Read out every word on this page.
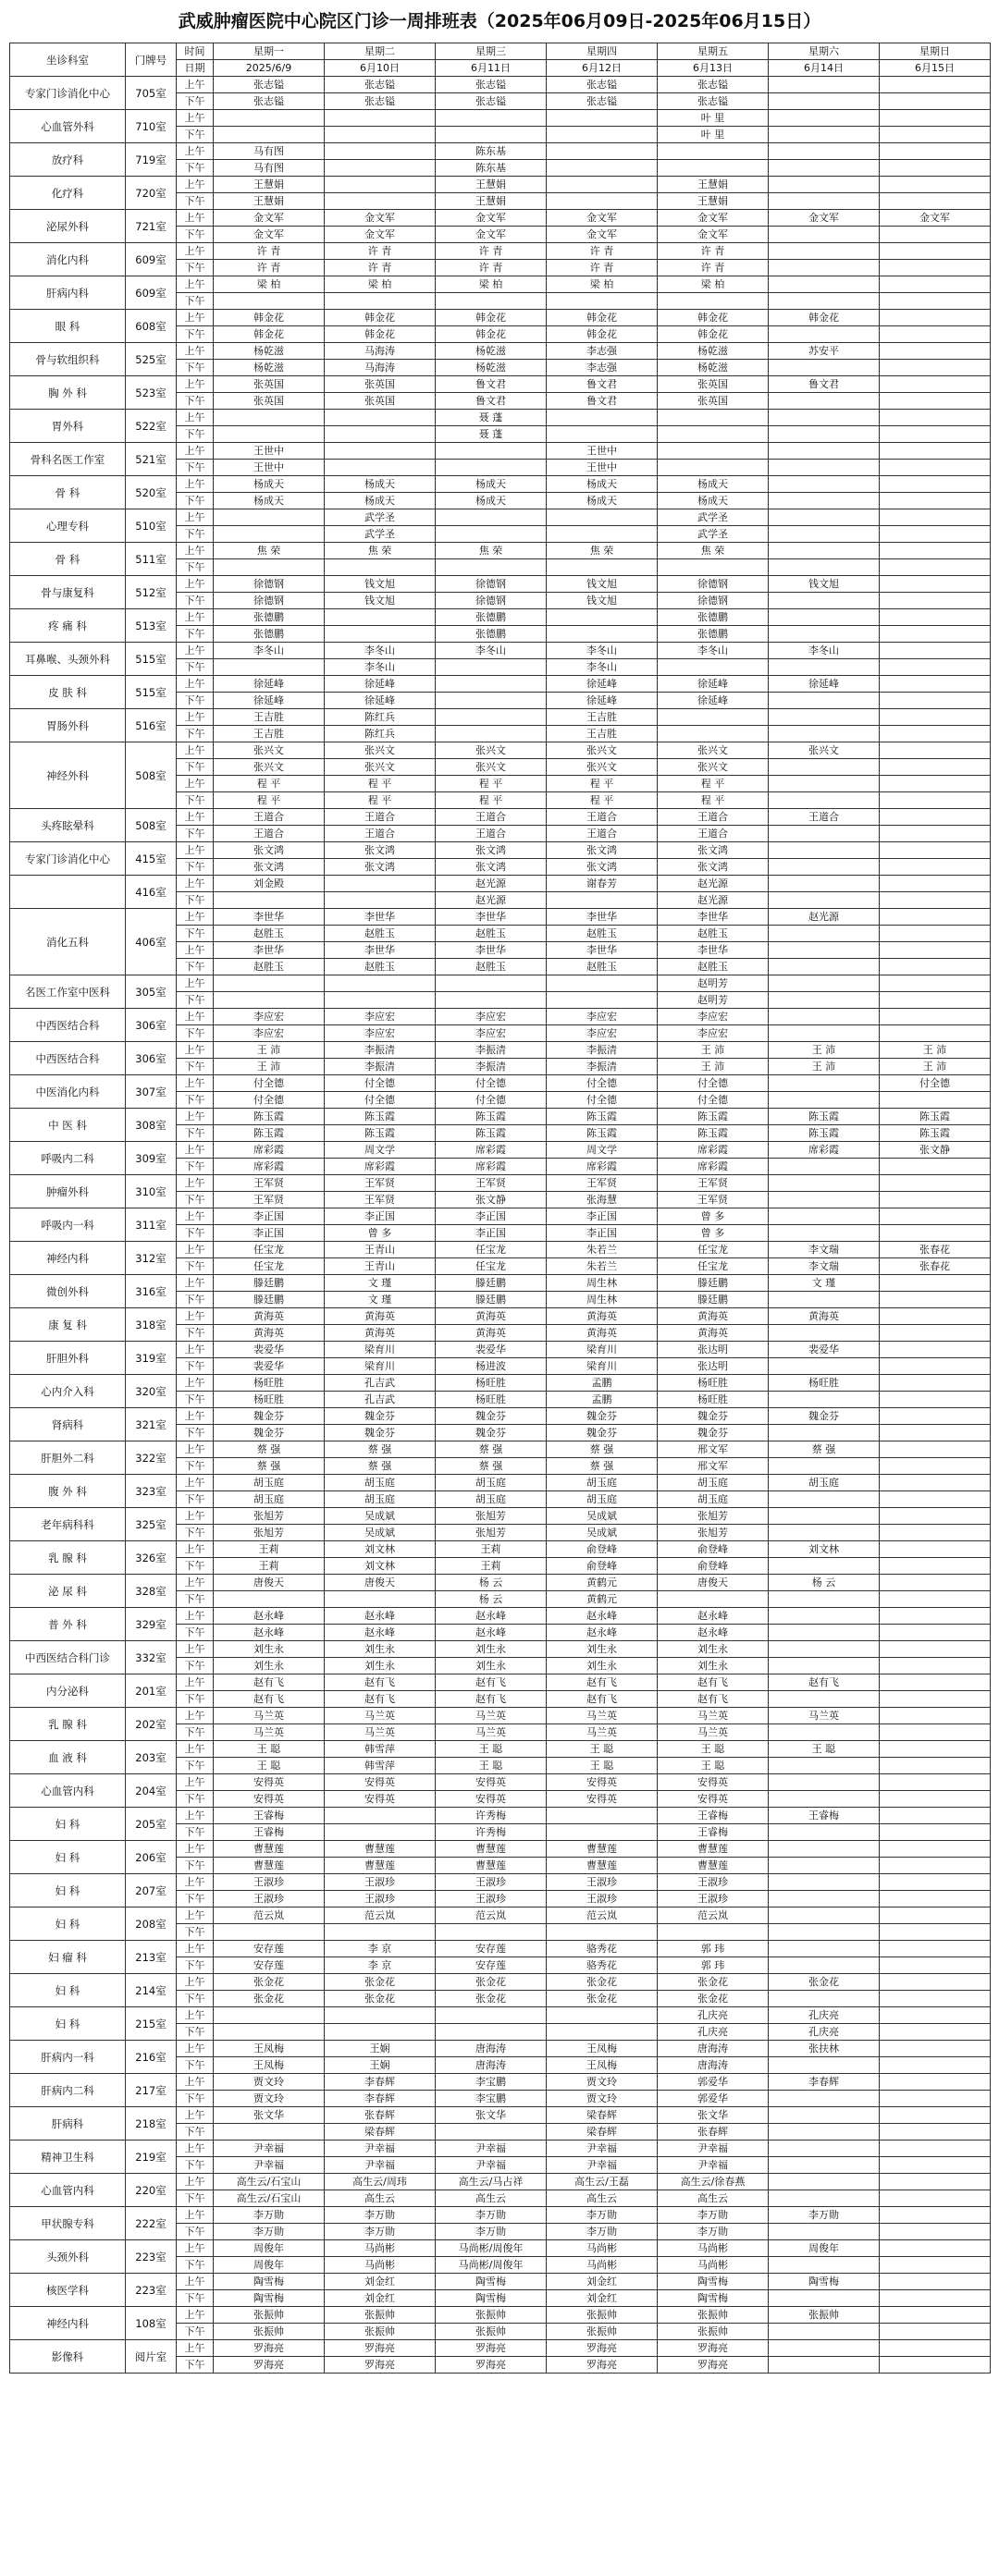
武威肿瘤医院中心院区门诊一周排班表（2025年06月09日-2025年06月15日）
坐诊科室	门牌号	时间	星期一	星期二	星期三	星期四	星期五	星期六	星期日
		日期	2025/6/9	6月10日	6月11日	6月12日	6月13日	6月14日	6月15日
专家门诊消化中心	705室	上午	张志镒	张志镒	张志镒	张志镒	张志镒		
		下午	张志镒	张志镒	张志镒	张志镒	张志镒		
心血管外科	710室	上午					叶 里		
		下午					叶 里		
放疗科	719室	上午	马有图		陈东基				
		下午	马有图		陈东基				
化疗科	720室	上午	王慧娟		王慧娟		王慧娟		
		下午	王慧娟		王慧娟		王慧娟		
泌尿外科	721室	上午	金文军	金文军	金文军	金文军	金文军	金文军	金文军
		下午	金文军	金文军	金文军	金文军	金文军		
消化内科	609室	上午	许 青	许 青	许 青	许 青	许 青		
		下午	许 青	许 青	许 青	许 青	许 青		
肝病内科	609室	上午	梁 柏	梁 柏	梁 柏	梁 柏	梁 柏		
		下午							
眼 科	608室	上午	韩金花	韩金花	韩金花	韩金花	韩金花	韩金花	
		下午	韩金花	韩金花	韩金花	韩金花	韩金花		
骨与软组织科	525室	上午	杨乾滋	马海涛	杨乾滋	李志强	杨乾滋	苏安平	
		下午	杨乾滋	马海涛	杨乾滋	李志强	杨乾滋		
胸 外 科	523室	上午	张英国	张英国	鲁文君	鲁文君	张英国	鲁文君	
		下午	张英国	张英国	鲁文君	鲁文君	张英国		
胃外科	522室	上午			聂 蓬				
		下午			聂 蓬				
骨科名医工作室	521室	上午	王世中			王世中			
		下午	王世中			王世中			
骨 科	520室	上午	杨成天	杨成天	杨成天	杨成天	杨成天		
		下午	杨成天	杨成天	杨成天	杨成天	杨成天		
心理专科	510室	上午		武学圣			武学圣		
		下午		武学圣			武学圣		
骨 科	511室	上午	焦 荣	焦 荣	焦 荣	焦 荣	焦 荣		
		下午							
骨与康复科	512室	上午	徐德钢	钱文旭	徐德钢	钱文旭	徐德钢	钱文旭	
		下午	徐德钢	钱文旭	徐德钢	钱文旭	徐德钢		
疼 痛 科	513室	上午	张德鹏		张德鹏		张德鹏		
		下午	张德鹏		张德鹏		张德鹏		
耳鼻喉、头颈外科	515室	上午	李冬山	李冬山	李冬山	李冬山	李冬山	李冬山	
		下午		李冬山		李冬山			
皮 肤 科	515室	上午	徐延峰	徐延峰		徐延峰	徐延峰	徐延峰	
		下午	徐延峰	徐延峰		徐延峰	徐延峰		
胃肠外科	516室	上午	王吉胜	陈红兵		王吉胜			
		下午	王吉胜	陈红兵		王吉胜			
神经外科	508室	上午	张兴文	张兴文	张兴文	张兴文	张兴文	张兴文	
		下午	张兴文	张兴文	张兴文	张兴文	张兴文		
		上午	程 平	程 平	程 平	程 平	程 平		
		下午	程 平	程 平	程 平	程 平	程 平		
头疼眩晕科	508室	上午	王道合	王道合	王道合	王道合	王道合	王道合	
		下午	王道合	王道合	王道合	王道合	王道合		
专家门诊消化中心	415室	上午	张文鸿	张文鸿	张文鸿	张文鸿	张文鸿		
		下午	张文鸿	张文鸿	张文鸿	张文鸿	张文鸿		
	416室	上午	刘金殿		赵光源	谢春芳	赵光源		
		下午			赵光源		赵光源		
消化五科	406室	上午	李世华	李世华	李世华	李世华	李世华	赵光源	
		下午	赵胜玉	赵胜玉	赵胜玉	赵胜玉	赵胜玉		
		上午	李世华	李世华	李世华	李世华	李世华		
		下午	赵胜玉	赵胜玉	赵胜玉	赵胜玉	赵胜玉		
名医工作室中医科	305室	上午					赵明芳		
		下午					赵明芳		
中西医结合科	306室	上午	李应宏	李应宏	李应宏	李应宏	李应宏		
		下午	李应宏	李应宏	李应宏	李应宏	李应宏		
中西医结合科	306室	上午	王 沛	李振清	李振清	李振清	王 沛	王 沛	王 沛
		下午	王 沛	李振清	李振清	李振清	王 沛	王 沛	王 沛
中医消化内科	307室	上午	付全德	付全德	付全德	付全德	付全德		付全德
		下午	付全德	付全德	付全德	付全德	付全德		
中 医 科	308室	上午	陈玉霞	陈玉霞	陈玉霞	陈玉霞	陈玉霞	陈玉霞	陈玉霞
		下午	陈玉霞	陈玉霞	陈玉霞	陈玉霞	陈玉霞	陈玉霞	陈玉霞
呼吸内二科	309室	上午	席彩霞	周文学	席彩霞	周文学	席彩霞	席彩霞	张文静
		下午	席彩霞	席彩霞	席彩霞	席彩霞	席彩霞		
肿瘤外科	310室	上午	王军贤	王军贤	王军贤	王军贤	王军贤		
		下午	王军贤	王军贤	张文静	张海慧	王军贤		
呼吸内一科	311室	上午	李正国	李正国	李正国	李正国	曾 多		
		下午	李正国	曾 多	李正国	李正国	曾 多		
神经内科	312室	上午	任宝龙	王青山	任宝龙	朱若兰	任宝龙	李文瑞	张春花
		下午	任宝龙	王青山	任宝龙	朱若兰	任宝龙	李文瑞	张春花
微创外科	316室	上午	滕廷鹏	文 瑾	滕廷鹏	周生林	滕廷鹏	文 瑾	
		下午	滕廷鹏	文 瑾	滕廷鹏	周生林	滕廷鹏		
康 复 科	318室	上午	黄海英	黄海英	黄海英	黄海英	黄海英	黄海英	
		下午	黄海英	黄海英	黄海英	黄海英	黄海英		
肝胆外科	319室	上午	裴爱华	梁育川	裴爱华	梁育川	张达明	裴爱华	
		下午	裴爱华	梁育川	杨进波	梁育川	张达明		
心内介入科	320室	上午	杨旺胜	孔吉武	杨旺胜	孟鹏	杨旺胜	杨旺胜	
		下午	杨旺胜	孔吉武	杨旺胜	孟鹏	杨旺胜		
肾病科	321室	上午	魏金芬	魏金芬	魏金芬	魏金芬	魏金芬	魏金芬	
		下午	魏金芬	魏金芬	魏金芬	魏金芬	魏金芬		
肝胆外二科	322室	上午	蔡 强	蔡 强	蔡 强	蔡 强	邢文军	蔡 强	
		下午	蔡 强	蔡 强	蔡 强	蔡 强	邢文军		
腹 外 科	323室	上午	胡玉庭	胡玉庭	胡玉庭	胡玉庭	胡玉庭	胡玉庭	
		下午	胡玉庭	胡玉庭	胡玉庭	胡玉庭	胡玉庭		
老年病科科	325室	上午	张旭芳	吴成斌	张旭芳	吴成斌	张旭芳		
		下午	张旭芳	吴成斌	张旭芳	吴成斌	张旭芳		
乳 腺 科	326室	上午	王莉	刘文林	王莉	俞登峰	俞登峰	刘文林	
		下午	王莉	刘文林	王莉	俞登峰	俞登峰		
泌 尿 科	328室	上午	唐俊天	唐俊天	杨 云	黄鹤元	唐俊天	杨 云	
		下午			杨 云	黄鹤元			
普 外 科	329室	上午	赵永峰	赵永峰	赵永峰	赵永峰	赵永峰		
		下午	赵永峰	赵永峰	赵永峰	赵永峰	赵永峰		
中西医结合科门诊	332室	上午	刘生永	刘生永	刘生永	刘生永	刘生永		
		下午	刘生永	刘生永	刘生永	刘生永	刘生永		
内分泌科	201室	上午	赵有飞	赵有飞	赵有飞	赵有飞	赵有飞	赵有飞	
		下午	赵有飞	赵有飞	赵有飞	赵有飞	赵有飞		
乳 腺 科	202室	上午	马兰英	马兰英	马兰英	马兰英	马兰英	马兰英	
		下午	马兰英	马兰英	马兰英	马兰英	马兰英		
血 液 科	203室	上午	王 聪	韩雪萍	王 聪	王 聪	王 聪	王 聪	
		下午	王 聪	韩雪萍	王 聪	王 聪	王 聪		
心血管内科	204室	上午	安得英	安得英	安得英	安得英	安得英		
		下午	安得英	安得英	安得英	安得英	安得英		
妇 科	205室	上午	王睿梅		许秀梅		王睿梅	王睿梅	
		下午	王睿梅		许秀梅		王睿梅		
妇 科	206室	上午	曹慧莲	曹慧莲	曹慧莲	曹慧莲	曹慧莲		
		下午	曹慧莲	曹慧莲	曹慧莲	曹慧莲	曹慧莲		
妇 科	207室	上午	王淑珍	王淑珍	王淑珍	王淑珍	王淑珍		
		下午	王淑珍	王淑珍	王淑珍	王淑珍	王淑珍		
妇 科	208室	上午	范云岚	范云岚	范云岚	范云岚	范云岚		
		下午							
妇 瘤 科	213室	上午	安存莲	李 京	安存莲	骆秀花	郭 玮		
		下午	安存莲	李 京	安存莲	骆秀花	郭 玮		
妇 科	214室	上午	张金花	张金花	张金花	张金花	张金花	张金花	
		下午	张金花	张金花	张金花	张金花	张金花		
妇 科	215室	上午					孔庆亮	孔庆亮	
		下午					孔庆亮	孔庆亮	
肝病内一科	216室	上午	王凤梅	王娴	唐海涛	王凤梅	唐海涛	张扶林	
		下午	王凤梅	王娴	唐海涛	王凤梅	唐海涛		
肝病内二科	217室	上午	贾文玲	李春辉	李宝鹏	贾文玲	郭爱华	李春辉	
		下午	贾文玲	李春辉	李宝鹏	贾文玲	郭爱华		
肝病科	218室	上午	张文华	张春辉	张文华	梁春辉	张文华		
		下午		梁春辉		梁春辉	张春辉		
精神卫生科	219室	上午	尹幸福	尹幸福	尹幸福	尹幸福	尹幸福		
		下午	尹幸福	尹幸福	尹幸福	尹幸福	尹幸福		
心血管内科	220室	上午	高生云/石宝山	高生云/周玮	高生云/马占祥	高生云/王磊	高生云/徐春燕		
		下午	高生云/石宝山	高生云	高生云	高生云	高生云		
甲状腺专科	222室	上午	李万勋	李万勋	李万勋	李万勋	李万勋	李万勋	
		下午	李万勋	李万勋	李万勋	李万勋	李万勋		
头颈外科	223室	上午	周俊年	马尚彬	马尚彬/周俊年	马尚彬	马尚彬	周俊年	
		下午	周俊年	马尚彬	马尚彬/周俊年	马尚彬	马尚彬		
核医学科	223室	上午	陶雪梅	刘金红	陶雪梅	刘金红	陶雪梅	陶雪梅	
		下午	陶雪梅	刘金红	陶雪梅	刘金红	陶雪梅		
神经内科	108室	上午	张振帅	张振帅	张振帅	张振帅	张振帅	张振帅	
		下午	张振帅	张振帅	张振帅	张振帅	张振帅		
影像科	阅片室	上午	罗海亮	罗海亮	罗海亮	罗海亮	罗海亮		
		下午	罗海亮	罗海亮	罗海亮	罗海亮	罗海亮		
